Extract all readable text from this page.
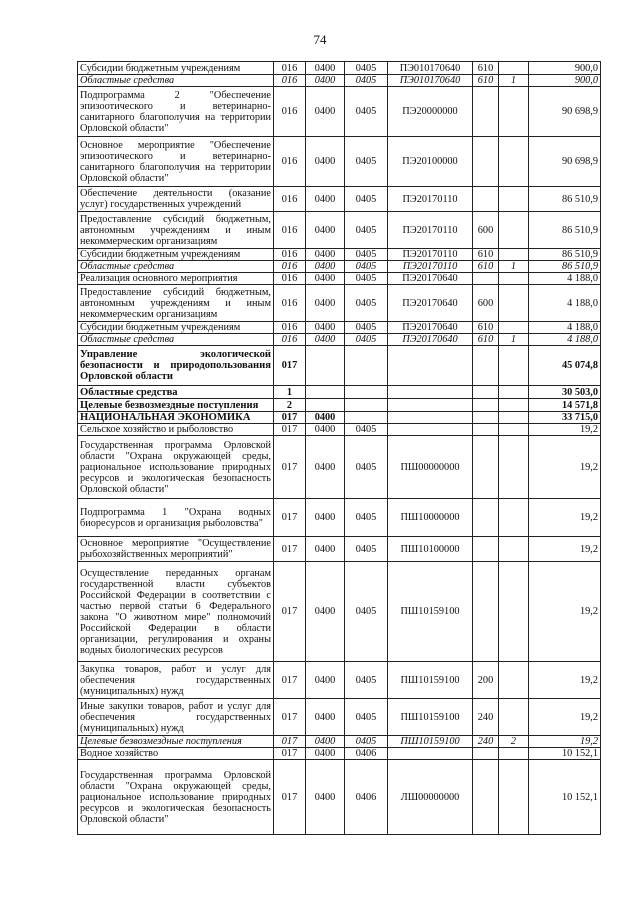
74
Субсидии бюджетным учреждениям	016	0400	0405	ПЭ010170640	610		900,0
Областные средства	016	0400	0405	ПЭ010170640	610	1	900,0
Подпрограмма 2 "Обеспечение эпизоотического и ветеринарно-санитарного благополучия на территории Орловской области"	016	0400	0405	ПЭ20000000			90 698,9
Основное мероприятие "Обеспечение эпизоотического и ветеринарно-санитарного благополучия на территории Орловской области"	016	0400	0405	ПЭ20100000			90 698,9
Обеспечение деятельности (оказание услуг) государственных учреждений	016	0400	0405	ПЭ20170110			86 510,9
Предоставление субсидий бюджетным, автономным учреждениям и иным некоммерческим организациям	016	0400	0405	ПЭ20170110	600		86 510,9
Субсидии бюджетным учреждениям	016	0400	0405	ПЭ20170110	610		86 510,9
Областные средства	016	0400	0405	ПЭ20170110	610	1	86 510,9
Реализация основного мероприятия	016	0400	0405	ПЭ20170640			4 188,0
Предоставление субсидий бюджетным, автономным учреждениям и иным некоммерческим организациям	016	0400	0405	ПЭ20170640	600		4 188,0
Субсидии бюджетным учреждениям	016	0400	0405	ПЭ20170640	610		4 188,0
Областные средства	016	0400	0405	ПЭ20170640	610	1	4 188,0
Управление экологической безопасности и природопользования Орловской области	017						45 074,8
Областные средства	1						30 503,0
Целевые безвозмездные поступления	2						14 571,8
НАЦИОНАЛЬНАЯ ЭКОНОМИКА	017	0400					33 715,0
Сельское хозяйство и рыболовство	017	0400	0405				19,2
Государственная программа Орловской области "Охрана окружающей среды, рациональное использование природных ресурсов и экологическая безопасность Орловской области"	017	0400	0405	ПШ00000000			19,2
Подпрограмма 1 "Охрана водных биоресурсов и организация рыболовства"	017	0400	0405	ПШ10000000			19,2
Основное мероприятие "Осуществление рыбохозяйственных мероприятий"	017	0400	0405	ПШ10100000			19,2
Осуществление переданных органам государственной власти субъектов Российской Федерации в соответствии с частью первой статьи 6 Федерального закона "О животном мире" полномочий Российской Федерации в области организации, регулирования и охраны водных биологических ресурсов	017	0400	0405	ПШ10159100			19,2
Закупка товаров, работ и услуг для обеспечения государственных (муниципальных) нужд	017	0400	0405	ПШ10159100	200		19,2
Иные закупки товаров, работ и услуг для обеспечения государственных (муниципальных) нужд	017	0400	0405	ПШ10159100	240		19,2
Целевые безвозмездные поступления	017	0400	0405	ПШ10159100	240	2	19,2
Водное хозяйство	017	0400	0406				10 152,1
Государственная программа Орловской области "Охрана окружающей среды, рациональное использование природных ресурсов и экологическая безопасность Орловской области"	017	0400	0406	ЛШ00000000			10 152,1
